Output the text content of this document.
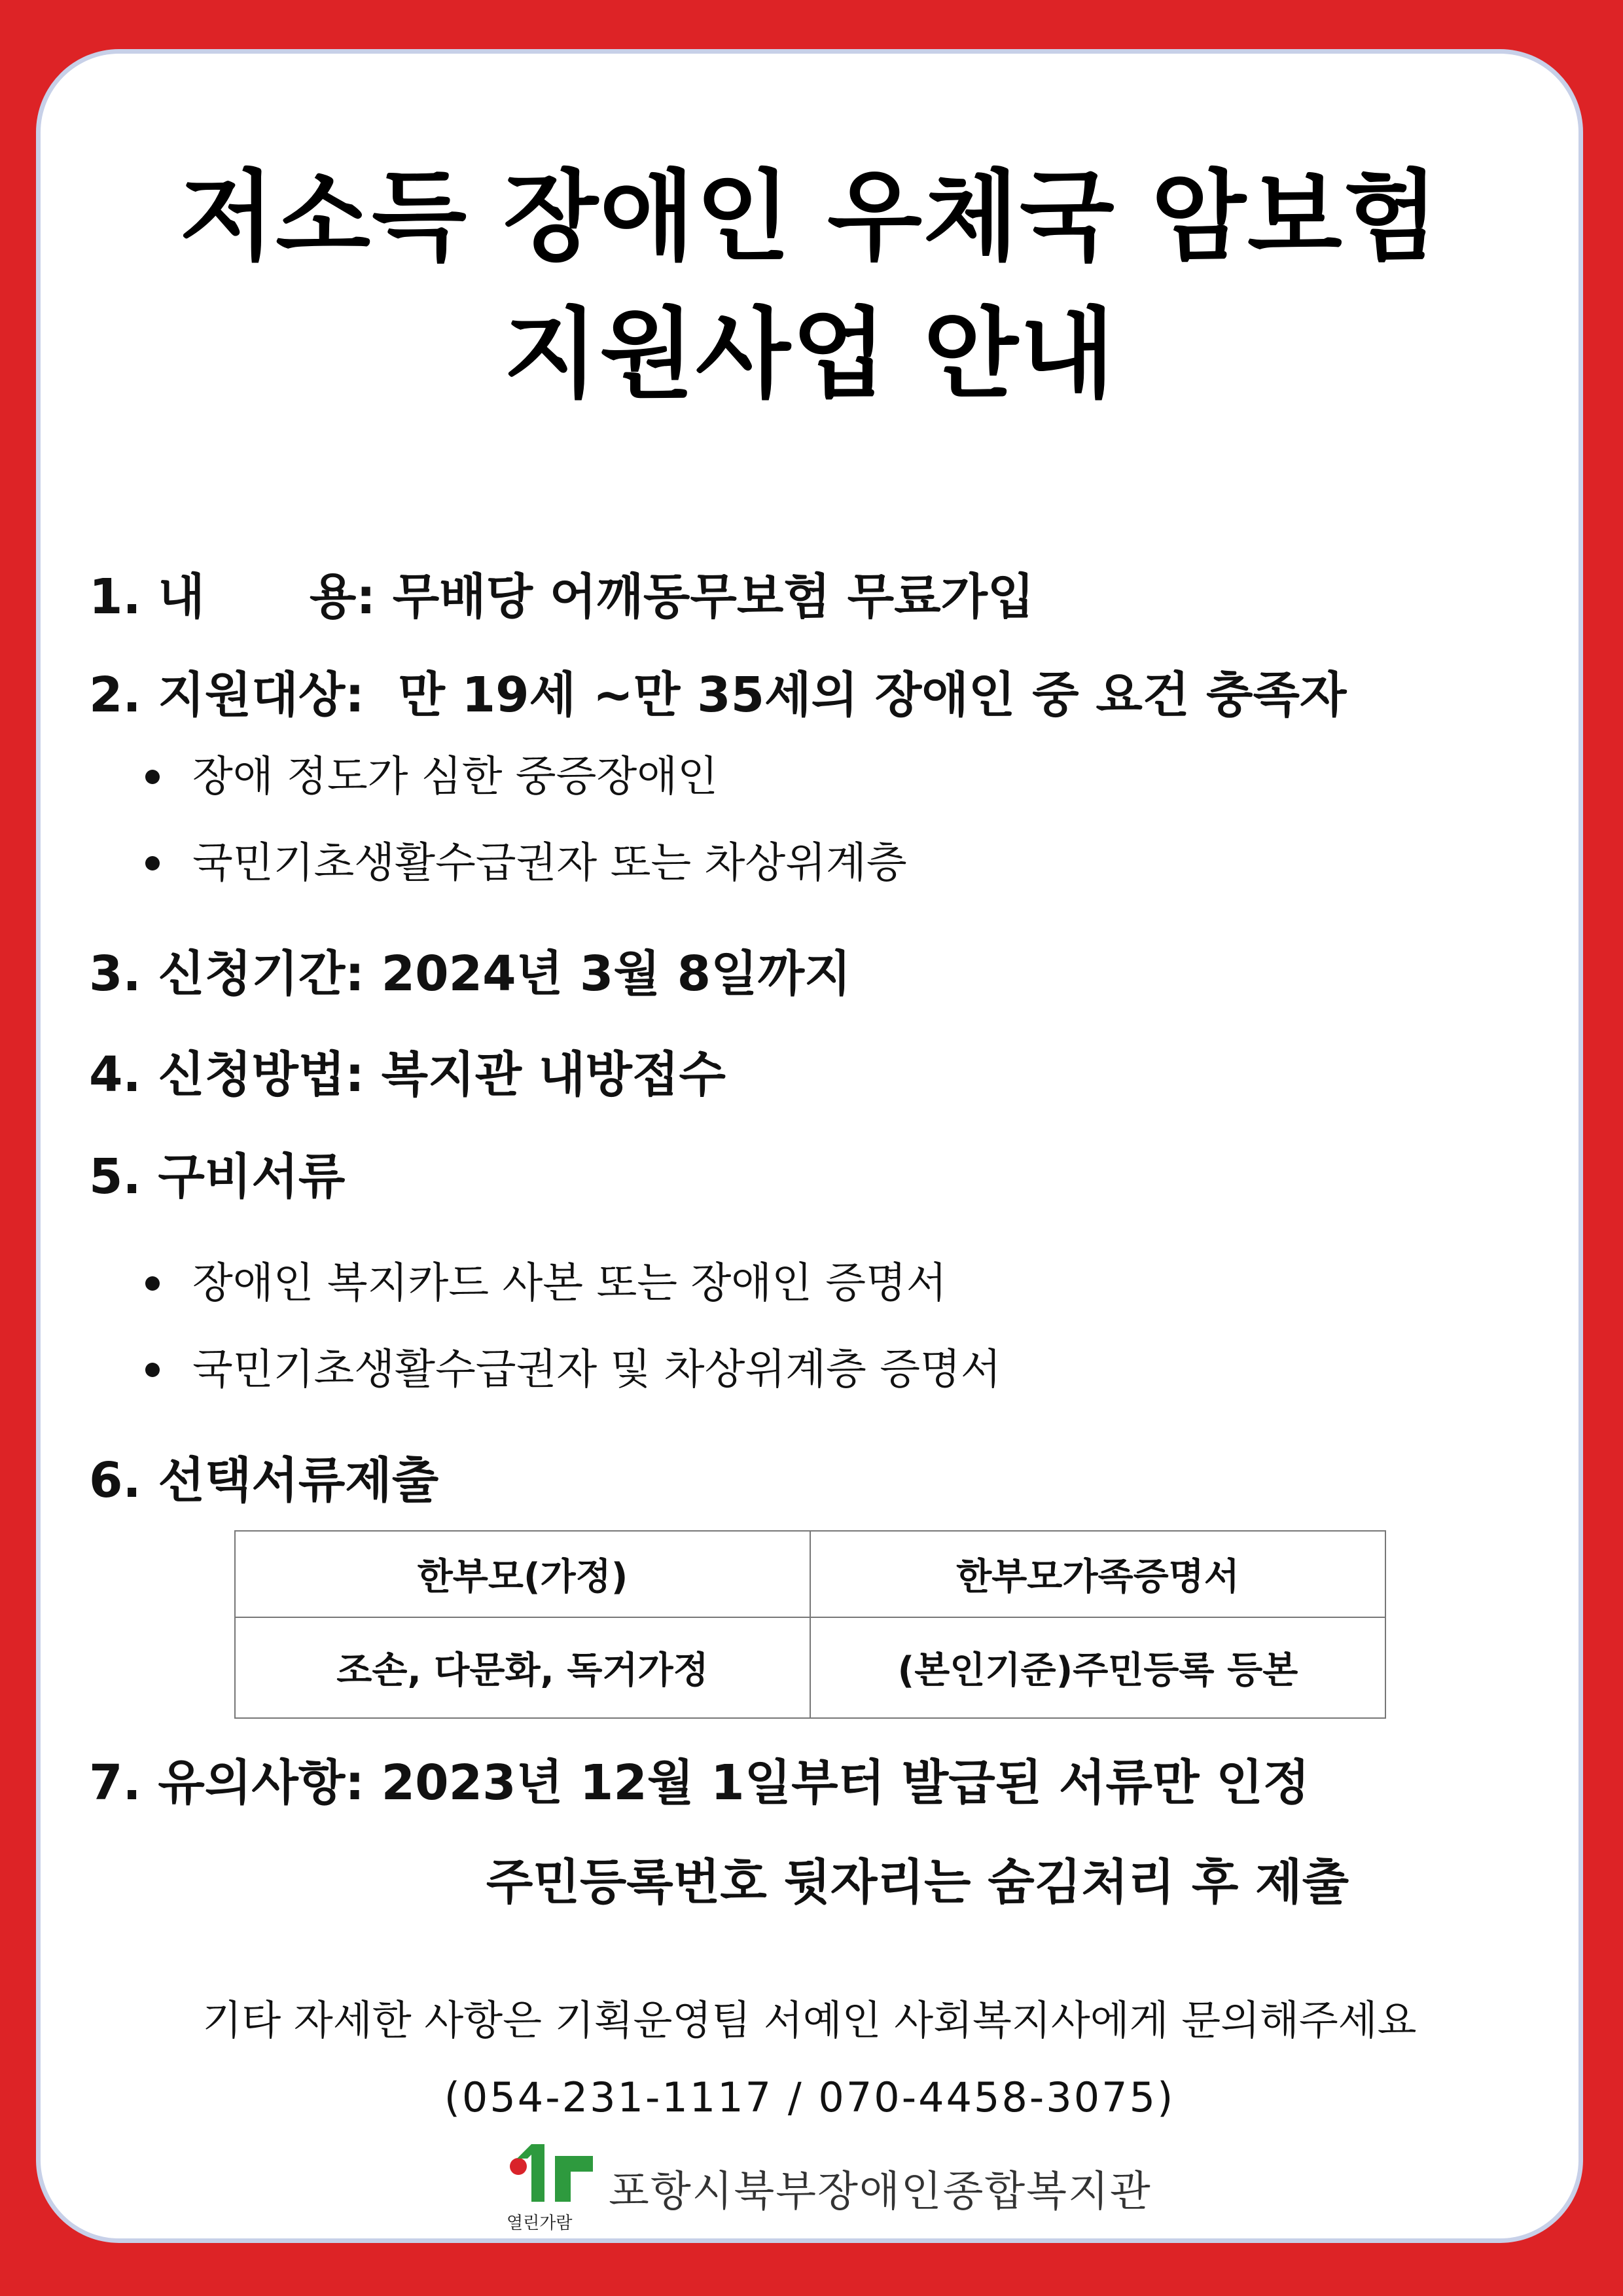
저소득 장애인 우체국 암보험
지원사업 안내
1. 내 용: 무배당 어깨동무보험 무료가입
2. 지원대상: 만 19세 ~만 35세의 장애인 중 요건 충족자
장애 정도가 심한 중증장애인
국민기초생활수급권자 또는 차상위계층
3. 신청기간: 2024년 3월 8일까지
4. 신청방법: 복지관 내방접수
5. 구비서류
장애인 복지카드 사본 또는 장애인 증명서
국민기초생활수급권자 및 차상위계층 증명서
6. 선택서류제출
한부모(가정)	한부모가족증명서
조손, 다문화, 독거가정	(본인기준)주민등록 등본
7. 유의사항: 2023년 12월 1일부터 발급된 서류만 인정
주민등록번호 뒷자리는 숨김처리 후 제출
기타 자세한 사항은 기획운영팀 서예인 사회복지사에게 문의해주세요
(054-231-1117 / 070-4458-3075)
열린가람
포항시북부장애인종합복지관
